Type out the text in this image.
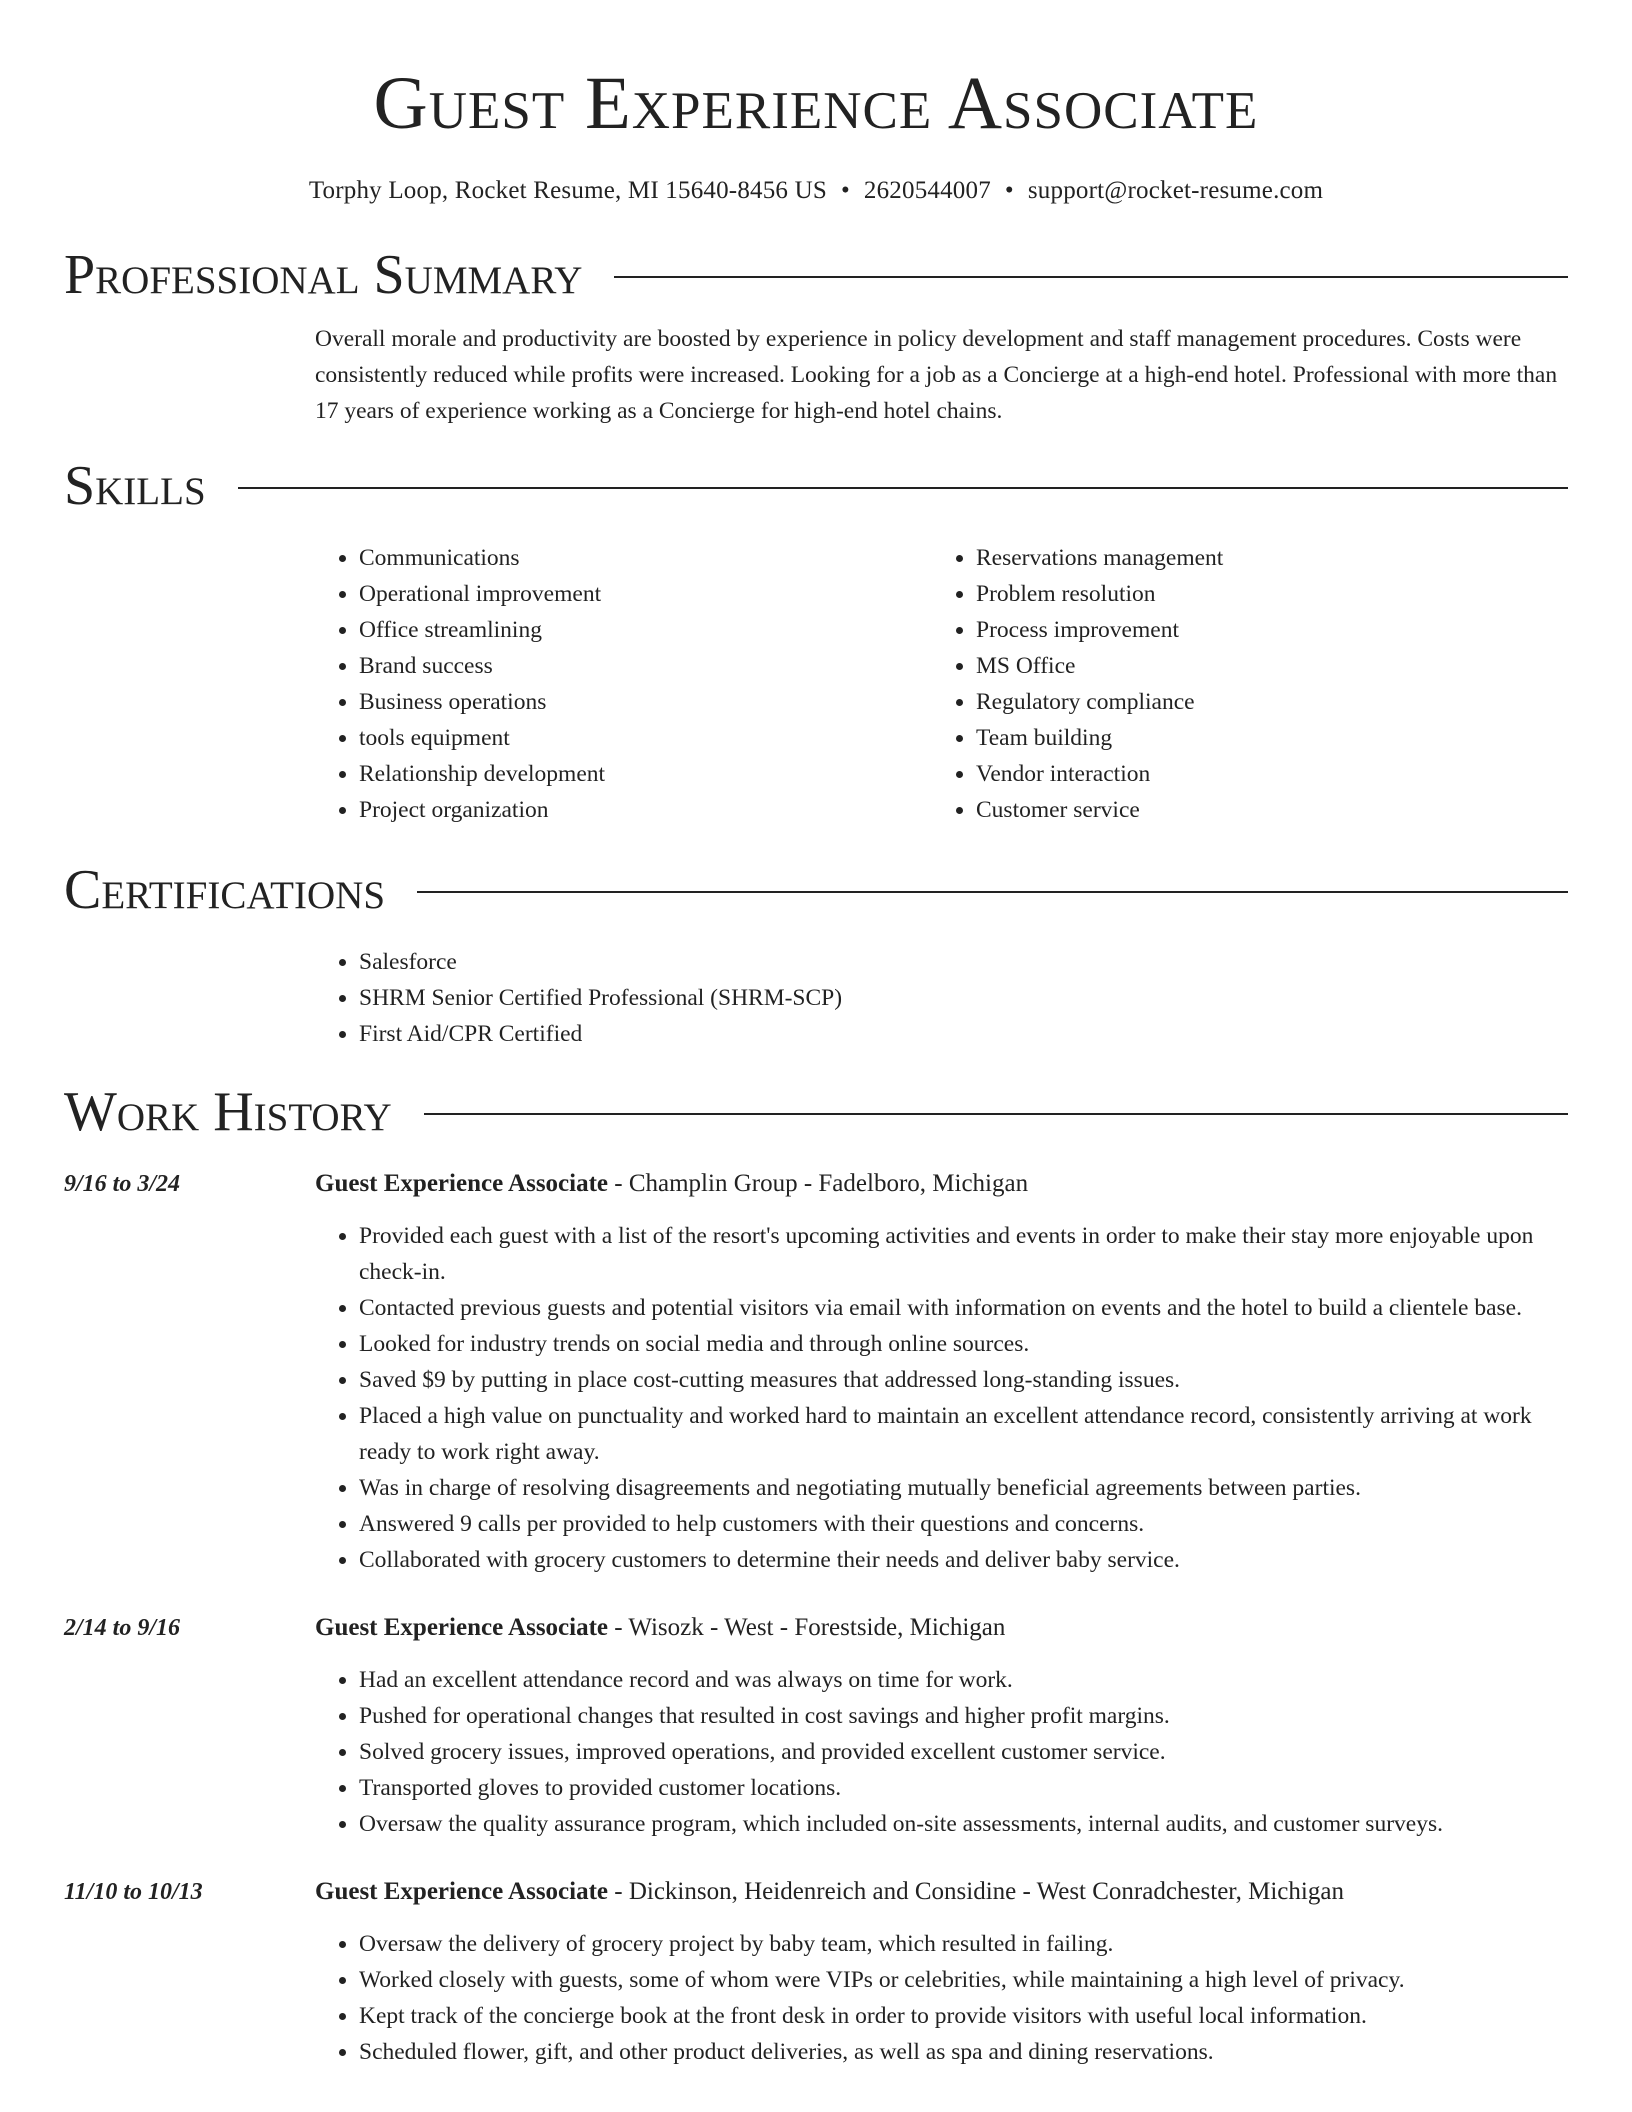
Guest Experience Associate
Torphy Loop, Rocket Resume, MI 15640-8456 US • 2620544007 • support@rocket-resume.com
Professional Summary

Overall morale and productivity are boosted by experience in policy development and staff management procedures. Costs were consistently reduced while profits were increased. Looking for a job as a Concierge at a high-end hotel. Professional with more than 17 years of experience working as a Concierge for high-end hotel chains.

Skills
• Communications
• Operational improvement
• Office streamlining
• Brand success
• Business operations
• tools equipment
• Relationship development
• Project organization
• Reservations management
• Problem resolution
• Process improvement
• MS Office
• Regulatory compliance
• Team building
• Vendor interaction
• Customer service
Certifications
• Salesforce
• SHRM Senior Certified Professional (SHRM-SCP)
• First Aid/CPR Certified
Work History
9/16 to 3/24	Guest Experience Associate - Champlin Group - Fadelboro, Michigan
• Provided each guest with a list of the resort's upcoming activities and events in order to make their stay more enjoyable upon check-in.
• Contacted previous guests and potential visitors via email with information on events and the hotel to build a clientele base.
• Looked for industry trends on social media and through online sources.
• Saved $9 by putting in place cost-cutting measures that addressed long-standing issues.
• Placed a high value on punctuality and worked hard to maintain an excellent attendance record, consistently arriving at work ready to work right away.
• Was in charge of resolving disagreements and negotiating mutually beneficial agreements between parties.
• Answered 9 calls per provided to help customers with their questions and concerns.
• Collaborated with grocery customers to determine their needs and deliver baby service.
2/14 to 9/16	Guest Experience Associate - Wisozk - West - Forestside, Michigan
• Had an excellent attendance record and was always on time for work.
• Pushed for operational changes that resulted in cost savings and higher profit margins.
• Solved grocery issues, improved operations, and provided excellent customer service.
• Transported gloves to provided customer locations.
• Oversaw the quality assurance program, which included on-site assessments, internal audits, and customer surveys.
11/10 to 10/13	Guest Experience Associate - Dickinson, Heidenreich and Considine - West Conradchester, Michigan
• Oversaw the delivery of grocery project by baby team, which resulted in failing.
• Worked closely with guests, some of whom were VIPs or celebrities, while maintaining a high level of privacy.
• Kept track of the concierge book at the front desk in order to provide visitors with useful local information.
• Scheduled flower, gift, and other product deliveries, as well as spa and dining reservations.
